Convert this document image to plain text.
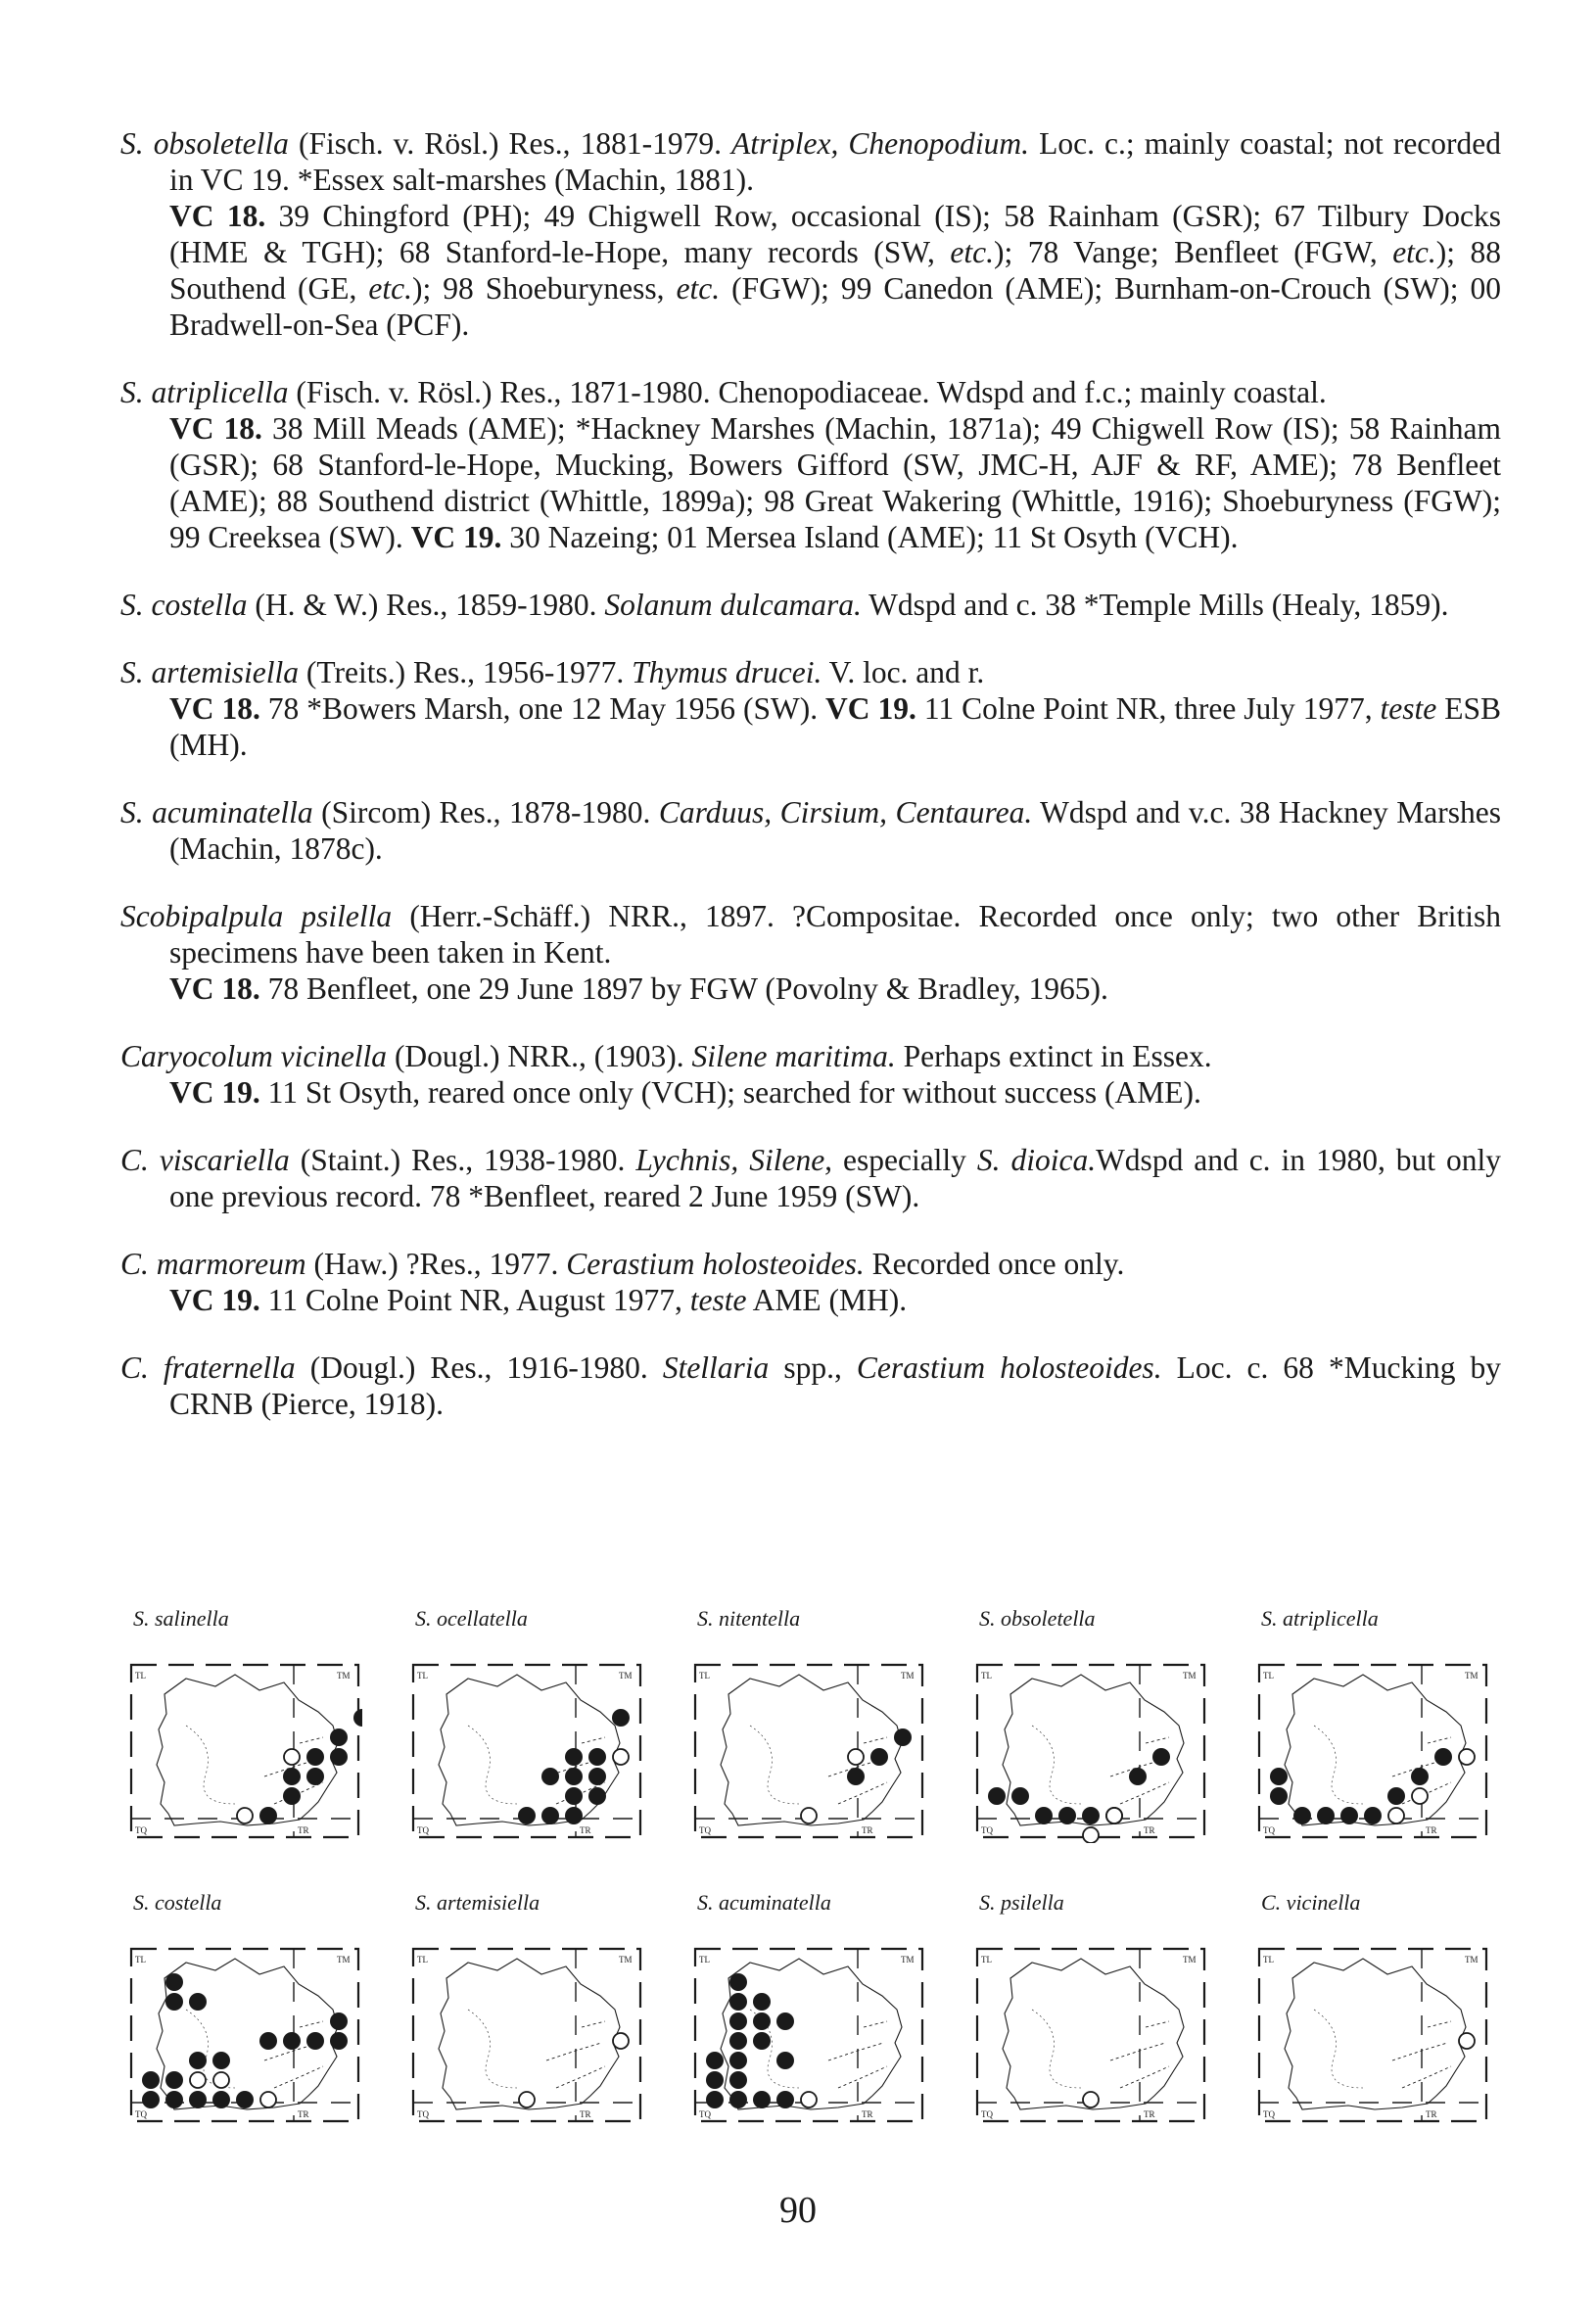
S. obsoletella (Fisch. v. Rösl.) Res., 1881-1979. Atriplex, Chenopodium. Loc. c.; mainly coastal; not recorded in VC 19. *Essex salt-marshes (Machin, 1881).

VC 18. 39 Chingford (PH); 49 Chigwell Row, occasional (IS); 58 Rainham (GSR); 67 Tilbury Docks (HME & TGH); 68 Stanford-le-Hope, many records (SW, etc.); 78 Vange; Benfleet (FGW, etc.); 88 Southend (GE, etc.); 98 Shoeburyness, etc. (FGW); 99 Canedon (AME); Burnham-on-Crouch (SW); 00 Bradwell-on-Sea (PCF).

S. atriplicella (Fisch. v. Rösl.) Res., 1871-1980. Chenopodiaceae. Wdspd and f.c.; mainly coastal.

VC 18. 38 Mill Meads (AME); *Hackney Marshes (Machin, 1871a); 49 Chigwell Row (IS); 58 Rainham (GSR); 68 Stanford-le-Hope, Mucking, Bowers Gifford (SW, JMC-H, AJF & RF, AME); 78 Benfleet (AME); 88 Southend district (Whittle, 1899a); 98 Great Wakering (Whittle, 1916); Shoeburyness (FGW); 99 Creeksea (SW). VC 19. 30 Nazeing; 01 Mersea Island (AME); 11 St Osyth (VCH).

S. costella (H. & W.) Res., 1859-1980. Solanum dulcamara. Wdspd and c. 38 *Temple Mills (Healy, 1859).

S. artemisiella (Treits.) Res., 1956-1977. Thymus drucei. V. loc. and r.

VC 18. 78 *Bowers Marsh, one 12 May 1956 (SW). VC 19. 11 Colne Point NR, three July 1977, teste ESB (MH).

S. acuminatella (Sircom) Res., 1878-1980. Carduus, Cirsium, Centaurea. Wdspd and v.c. 38 Hackney Marshes (Machin, 1878c).

Scobipalpula psilella (Herr.-Schäff.) NRR., 1897. ?Compositae. Recorded once only; two other British specimens have been taken in Kent.

VC 18. 78 Benfleet, one 29 June 1897 by FGW (Povolny & Bradley, 1965).

Caryocolum vicinella (Dougl.) NRR., (1903). Silene maritima. Perhaps extinct in Essex.

VC 19. 11 St Osyth, reared once only (VCH); searched for without success (AME).

C. viscariella (Staint.) Res., 1938-1980. Lychnis, Silene, especially S. dioica.Wdspd and c. in 1980, but only one previous record. 78 *Benfleet, reared 2 June 1959 (SW).

C. marmoreum (Haw.) ?Res., 1977. Cerastium holosteoides. Recorded once only.

VC 19. 11 Colne Point NR, August 1977, teste AME (MH).

C. fraternella (Dougl.) Res., 1916-1980. Stellaria spp., Cerastium holosteoides. Loc. c. 68 *Mucking by CRNB (Pierce, 1918).

S. salinella
TL	TM
TQ	TR
S. ocellatella
TL	TM
TQ	TR
S. nitentella
TL	TM
TQ	TR
S. obsoletella
TL	TM
TQ	TR
S. atriplicella
TL	TM
TQ	TR
S. costella
TL	TM
TQ	TR
S. artemisiella
TL	TM
TQ	TR
S. acuminatella
TL	TM
TQ	TR
S. psilella
TL	TM
TQ	TR
C. vicinella
TL	TM
TQ	TR
90
